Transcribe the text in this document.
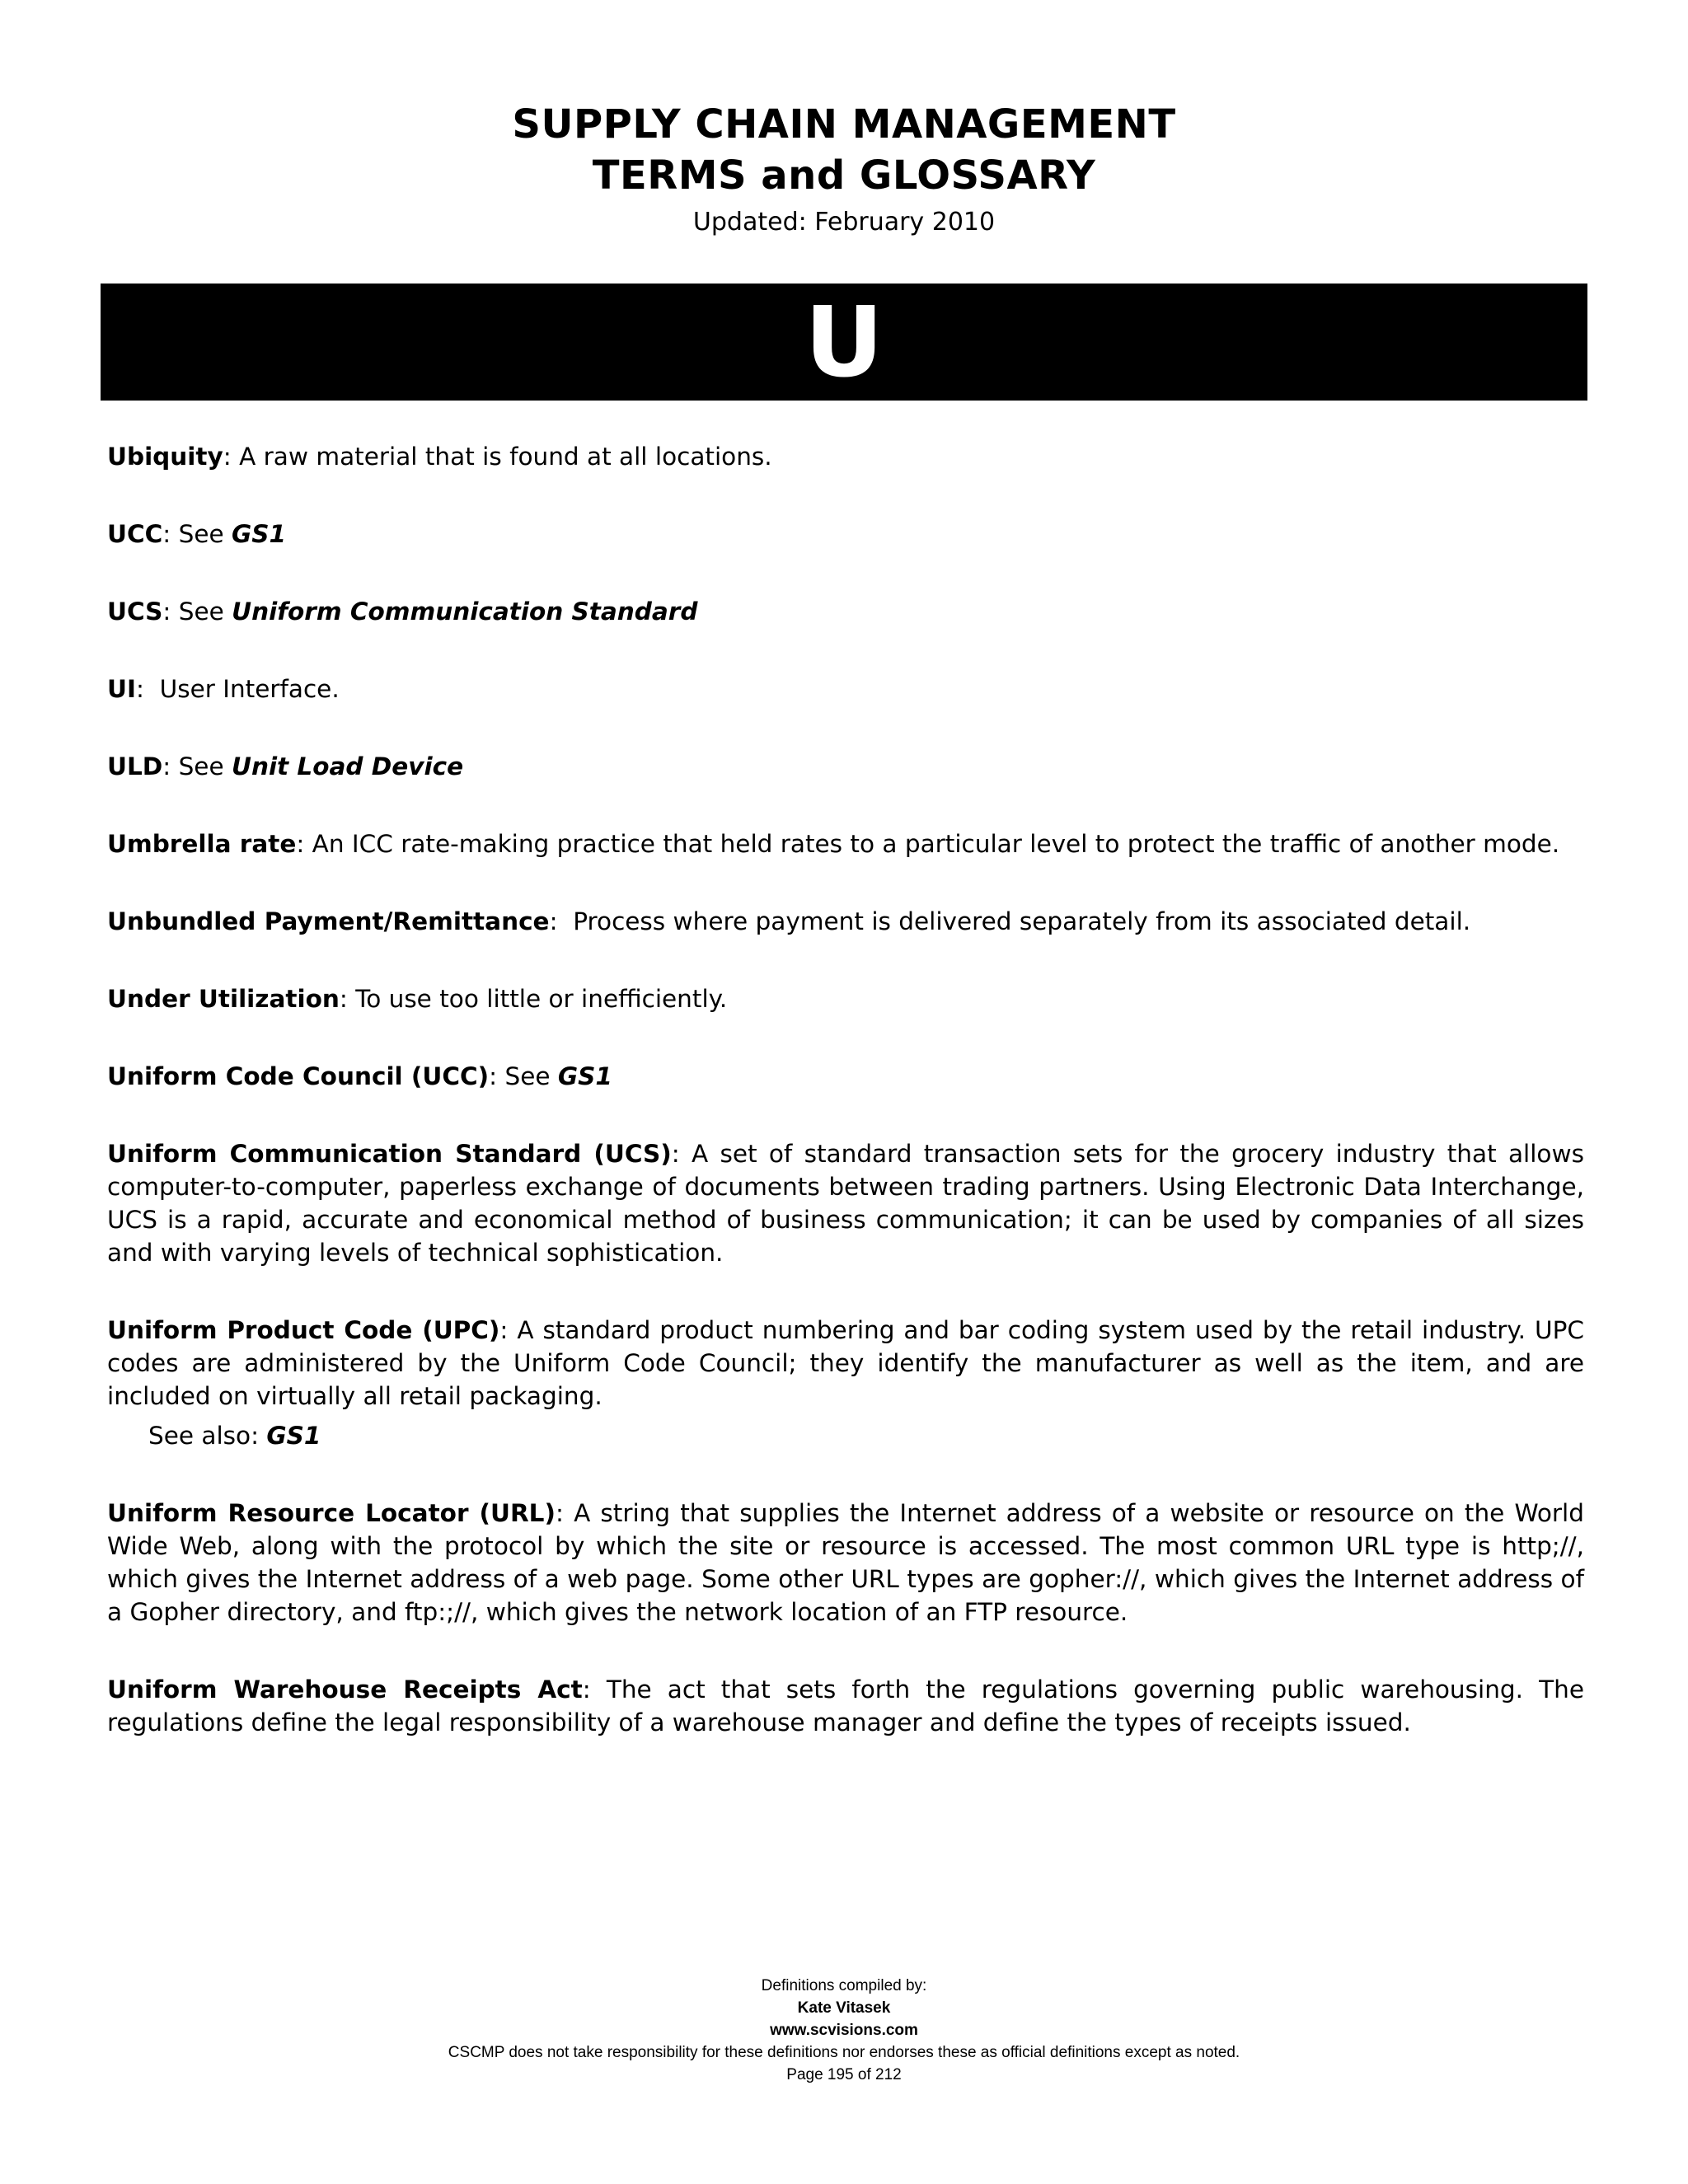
SUPPLY CHAIN MANAGEMENT
TERMS and GLOSSARY
Updated: February 2010
U

Ubiquity: A raw material that is found at all locations.

UCC: See GS1

UCS: See Uniform Communication Standard

UI:  User Interface.

ULD: See Unit Load Device

Umbrella rate: An ICC rate-making practice that held rates to a particular level to protect the traffic of another mode.

Unbundled Payment/Remittance:  Process where payment is delivered separately from its associated detail.

Under Utilization: To use too little or inefficiently.

Uniform Code Council (UCC): See GS1

Uniform Communication Standard (UCS): A set of standard transaction sets for the grocery industry that allows computer-to-computer, paperless exchange of documents between trading partners. Using Electronic Data Interchange, UCS is a rapid, accurate and economical method of business communication; it can be used by companies of all sizes and with varying levels of technical sophistication.

Uniform Product Code (UPC): A standard product numbering and bar coding system used by the retail industry. UPC codes are administered by the Uniform Code Council; they identify the manufacturer as well as the item, and are included on virtually all retail packaging.

See also: GS1

Uniform Resource Locator (URL): A string that supplies the Internet address of a website or resource on the World Wide Web, along with the protocol by which the site or resource is accessed. The most common URL type is http;//, which gives the Internet address of a web page. Some other URL types are gopher://, which gives the Internet address of a Gopher directory, and ftp:;//, which gives the network location of an FTP resource.

Uniform Warehouse Receipts Act: The act that sets forth the regulations governing public warehousing. The regulations define the legal responsibility of a warehouse manager and define the types of receipts issued.

Definitions compiled by:
Kate Vitasek
www.scvisions.com
CSCMP does not take responsibility for these definitions nor endorses these as official definitions except as noted.
Page 195 of 212
